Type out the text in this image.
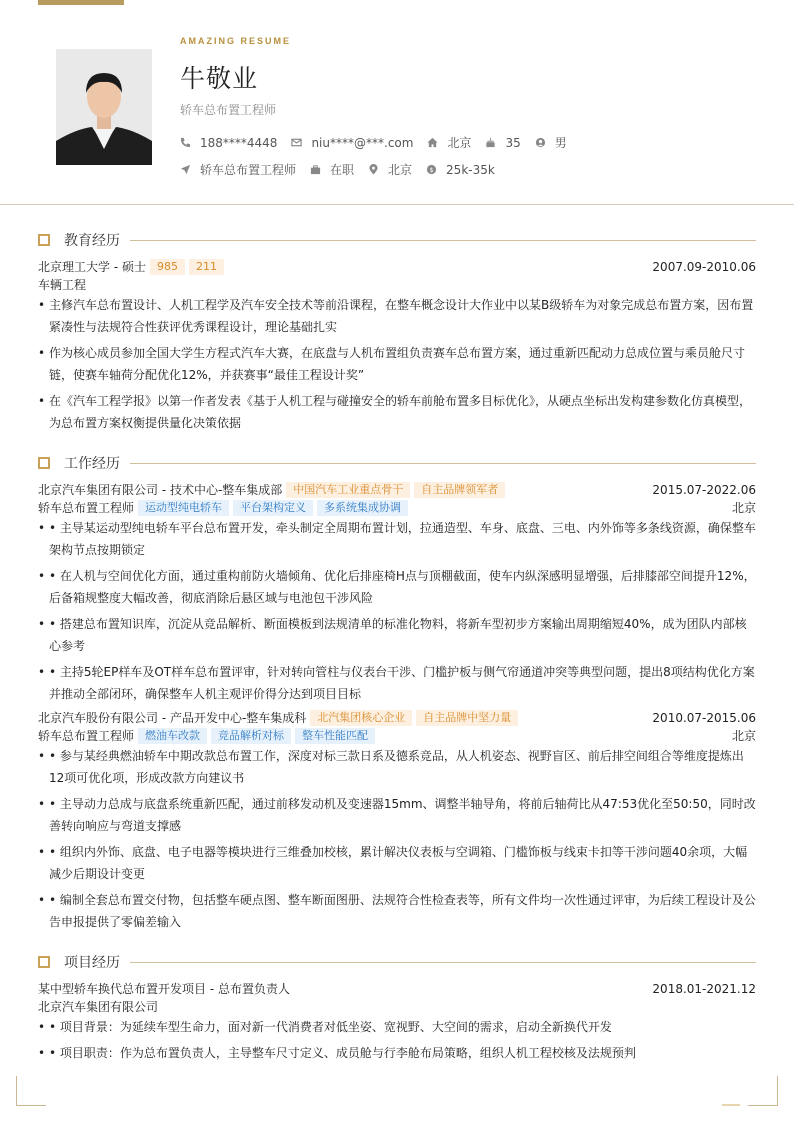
AMAZING RESUME
牛敬业
轿车总布置工程师
188****4448	niu****@***.com	北京	35	男
轿车总布置工程师	在职	北京 $ 25k-35k
教育经历
北京理工大学 - 硕士	985	211	2007.09-2010.06
车辆工程
• 主修汽车总布置设计、人机工程学及汽车安全技术等前沿课程，在整车概念设计大作业中以某B级轿车为对象完成总布置方案，因布置紧凑性与法规符合性获评优秀课程设计，理论基础扎实
• 作为核心成员参加全国大学生方程式汽车大赛，在底盘与人机布置组负责赛车总布置方案，通过重新匹配动力总成位置与乘员舱尺寸链，使赛车轴荷分配优化12%，并获赛事“最佳工程设计奖”
• 在《汽车工程学报》以第一作者发表《基于人机工程与碰撞安全的轿车前舱布置多目标优化》，从硬点坐标出发构建参数化仿真模型，为总布置方案权衡提供量化决策依据
工作经历
北京汽车集团有限公司 - 技术中心-整车集成部	中国汽车工业重点骨干	自主品牌领军者	2015.07-2022.06
轿车总布置工程师	运动型纯电轿车	平台架构定义	多系统集成协调	北京
• • 主导某运动型纯电轿车平台总布置开发，牵头制定全周期布置计划，拉通造型、车身、底盘、三电、内外饰等多条线资源，确保整车架构节点按期锁定
• • 在人机与空间优化方面，通过重构前防火墙倾角、优化后排座椅H点与顶棚截面，使车内纵深感明显增强，后排膝部空间提升12%，后备箱规整度大幅改善，彻底消除后悬区域与电池包干涉风险
• • 搭建总布置知识库，沉淀从竞品解析、断面模板到法规清单的标准化物料，将新车型初步方案输出周期缩短40%，成为团队内部核心参考
• • 主持5轮EP样车及OT样车总布置评审，针对转向管柱与仪表台干涉、门槛护板与侧气帘通道冲突等典型问题，提出8项结构优化方案并推动全部闭环，确保整车人机主观评价得分达到项目目标
北京汽车股份有限公司 - 产品开发中心-整车集成科	北汽集团核心企业	自主品牌中坚力量	2010.07-2015.06
轿车总布置工程师	燃油车改款	竞品解析对标	整车性能匹配	北京
• • 参与某经典燃油轿车中期改款总布置工作，深度对标三款日系及德系竞品，从人机姿态、视野盲区、前后排空间组合等维度提炼出12项可优化项，形成改款方向建议书
• • 主导动力总成与底盘系统重新匹配，通过前移发动机及变速器15mm、调整半轴导角，将前后轴荷比从47:53优化至50:50，同时改善转向响应与弯道支撑感
• • 组织内外饰、底盘、电子电器等模块进行三维叠加校核，累计解决仪表板与空调箱、门槛饰板与线束卡扣等干涉问题40余项，大幅减少后期设计变更
• • 编制全套总布置交付物，包括整车硬点图、整车断面图册、法规符合性检查表等，所有文件均一次性通过评审，为后续工程设计及公告申报提供了零偏差输入
项目经历
某中型轿车换代总布置开发项目 - 总布置负责人	2018.01-2021.12
北京汽车集团有限公司
• • 项目背景：为延续车型生命力，面对新一代消费者对低坐姿、宽视野、大空间的需求，启动全新换代开发
• • 项目职责：作为总布置负责人，主导整车尺寸定义、成员舱与行李舱布局策略，组织人机工程校核及法规预判
